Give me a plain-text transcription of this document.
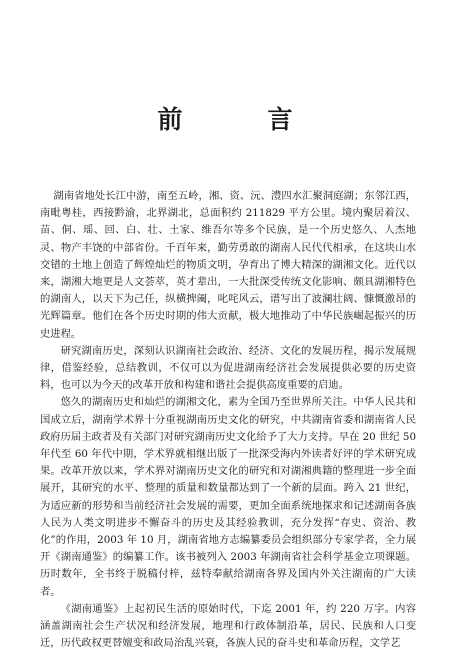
前　言

湖南省地处长江中游，南至五岭，湘、资、沅、澧四水汇聚洞庭湖；东邻江西，南毗粤桂，西接黔渝，北界湖北，总面积约 211829 平方公里。境内聚居着汉、苗、侗、瑶、回、白、壮、土家、维吾尔等多个民族，是一个历史悠久、人杰地灵、物产丰饶的中部省份。千百年来，勤劳勇敢的湖南人民代代相承，在这块山水交错的土地上创造了辉煌灿烂的物质文明，孕育出了博大精深的湖湘文化。近代以来，湖湘大地更是人文荟萃，英才辈出，一大批深受传统文化影响、颇具湖湘特色的湖南人，以天下为己任，纵横捭阖，叱咤风云，谱写出了波澜壮阔、慷慨激昂的光辉篇章。他们在各个历史时期的伟大贡献，极大地推动了中华民族崛起振兴的历史进程。

研究湖南历史，深刻认识湖南社会政治、经济、文化的发展历程，揭示发展规律，借鉴经验，总结教训，不仅可以为促进湖南经济社会发展提供必要的历史资料，也可以为今天的改革开放和构建和谐社会提供高度重要的启迪。

悠久的湖南历史和灿烂的湖湘文化，素为全国乃至世界所关注。中华人民共和国成立后，湖南学术界十分重视湖南历史文化的研究，中共湖南省委和湖南省人民政府历届主政者及有关部门对研究湖南历史文化给予了大力支持。早在 20 世纪 50 年代至 60 年代中期，学术界就相继出版了一批深受海内外读者好评的学术研究成果。改革开放以来，学术界对湖南历史文化的研究和对湖湘典籍的整理进一步全面展开，其研究的水平、整理的质量和数量都达到了一个新的层面。跨入 21 世纪，为适应新的形势和当前经济社会发展的需要，更加全面系统地探求和记述湖南各族人民为人类文明进步不懈奋斗的历史及其经验教训，充分发挥“存史、资治、教化”的作用，2003 年 10 月，湖南省地方志编纂委员会组织部分专家学者，全力展开《湖南通鉴》的编纂工作。该书被列入 2003 年湖南省社会科学基金立项课题。历时数年，全书终于脱稿付梓，兹特奉献给湖南各界及国内外关注湖南的广大读者。

《湖南通鉴》上起初民生活的原始时代，下迄 2001 年，约 220 万字。内容涵盖湖南社会生产状况和经济发展，地理和行政体制沿革，居民、民族和人口变迁，历代政权更替嬗变和政局治乱兴衰，各族人民的奋斗史和革命历程，文学艺
